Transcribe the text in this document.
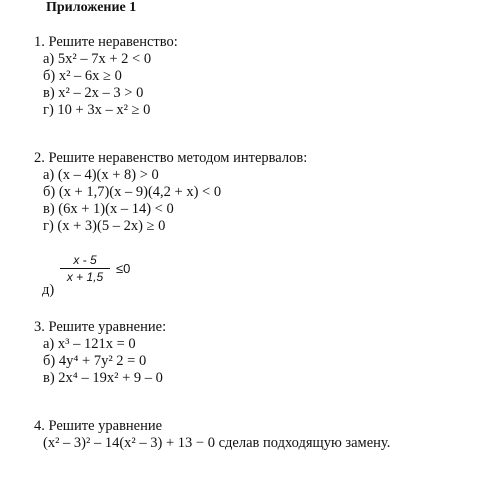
Приложение 1
1. Решите неравенство:
а) 5x² – 7x + 2 < 0
б) x² – 6x ≥ 0
в) x² – 2x – 3 > 0
г) 10 + 3x – x² ≥ 0
2. Решите неравенство методом интервалов:
а) (x – 4)(x + 8) > 0
б) (x + 1,7)(x – 9)(4,2 + x) < 0
в) (6x + 1)(x – 14) < 0
г) (x + 3)(5 – 2x) ≥ 0
$\frac{x - 5}{x + 1,5} \le 0$
д)
3. Решите уравнение:
а) x³ – 121x = 0
б) 4y⁴ + 7y² 2 = 0
в) 2x⁴ – 19x² + 9 – 0
4. Решите уравнение
(x² – 3)² – 14(x² – 3) + 13 − 0 сделав подходящую замену.
